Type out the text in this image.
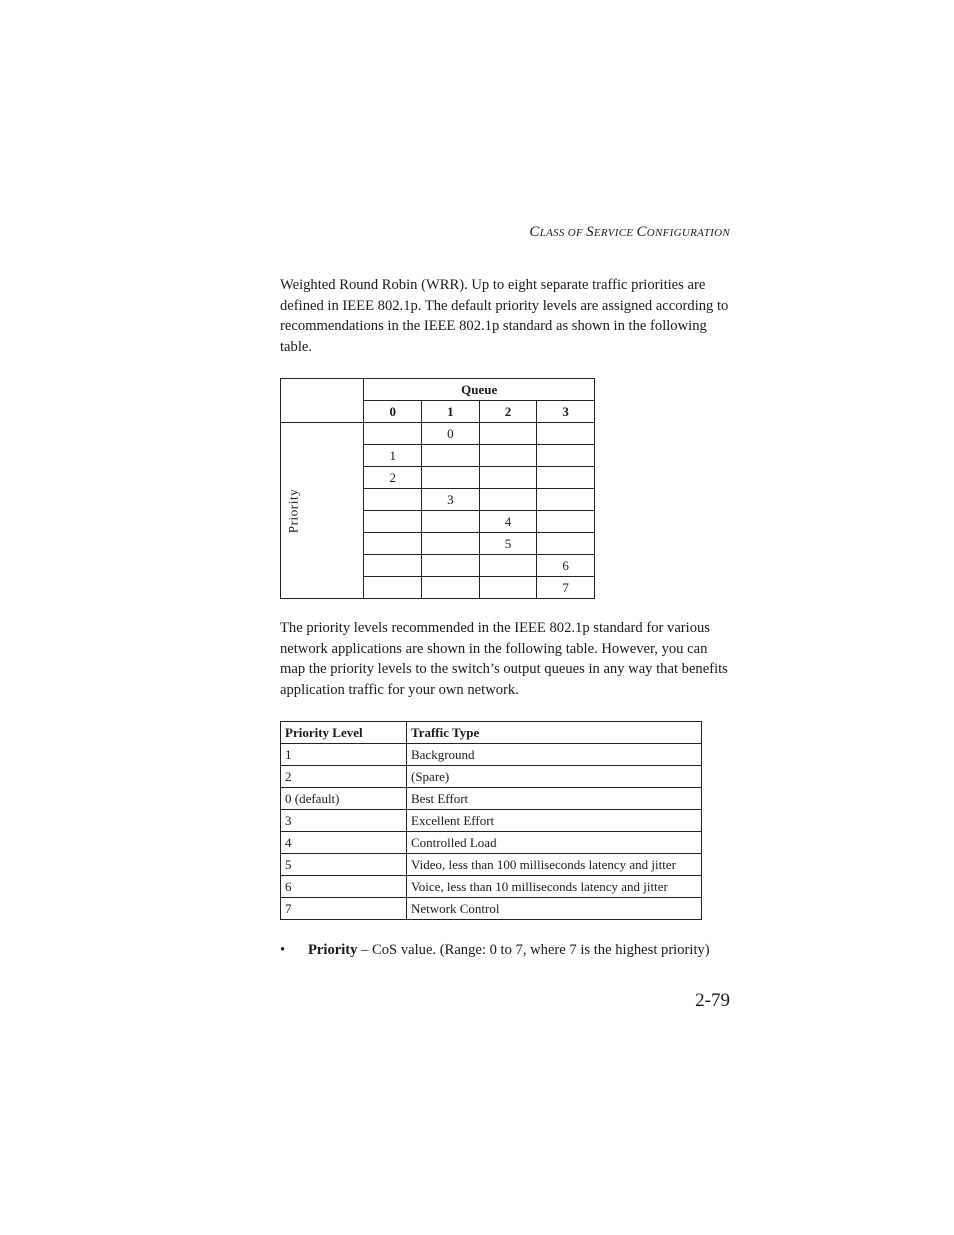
CLASS OF SERVICE CONFIGURATION

Weighted Round Robin (WRR). Up to eight separate traffic priorities are defined in IEEE 802.1p. The default priority levels are assigned according to recommendations in the IEEE 802.1p standard as shown in the following table.

	Queue			
	0	1	2	3

Priority		0		
	1			
	2			
		3		
			4	
			5	
				6
				7

The priority levels recommended in the IEEE 802.1p standard for various network applications are shown in the following table. However, you can map the priority levels to the switch’s output queues in any way that benefits application traffic for your own network.

Priority Level	Traffic Type
1	Background
2	(Spare)
0 (default)	Best Effort
3	Excellent Effort
4	Controlled Load
5	Video, less than 100 milliseconds latency and jitter
6	Voice, less than 10 milliseconds latency and jitter
7	Network Control
• Priority – CoS value. (Range: 0 to 7, where 7 is the highest priority)
2-79
